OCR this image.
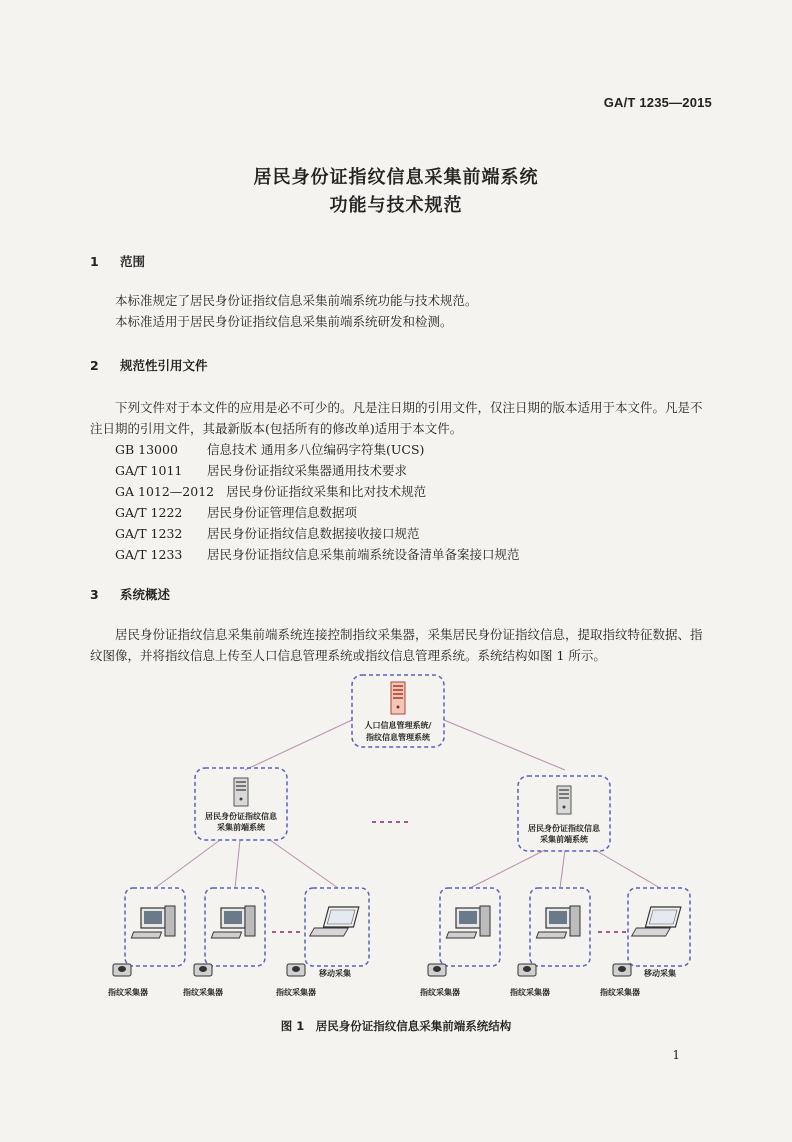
GA/T 1235—2015
居民身份证指纹信息采集前端系统
功能与技术规范
1 范围

本标准规定了居民身份证指纹信息采集前端系统功能与技术规范。

本标准适用于居民身份证指纹信息采集前端系统研发和检测。

2 规范性引用文件

下列文件对于本文件的应用是必不可少的。凡是注日期的引用文件，仅注日期的版本适用于本文件。凡是不注日期的引用文件，其最新版本(包括所有的修改单)适用于本文件。

GB 13000 信息技术 通用多八位编码字符集(UCS)
GA/T 1011 居民身份证指纹采集器通用技术要求
GA 1012—2012 居民身份证指纹采集和比对技术规范
GA/T 1222 居民身份证管理信息数据项
GA/T 1232 居民身份证指纹信息数据接收接口规范
GA/T 1233 居民身份证指纹信息采集前端系统设备清单备案接口规范
3 系统概述

居民身份证指纹信息采集前端系统连接控制指纹采集器，采集居民身份证指纹信息，提取指纹特征数据、指纹图像，并将指纹信息上传至人口信息管理系统或指纹信息管理系统。系统结构如图 1 所示。

人口信息管理系统/
指纹信息管理系统
居民身份证指纹信息
采集前端系统	居民身份证指纹信息
采集前端系统
指纹采集器	指纹采集器	指纹采集器
移动采集
指纹采集器	指纹采集器	指纹采集器
移动采集
图 1　居民身份证指纹信息采集前端系统结构
1
